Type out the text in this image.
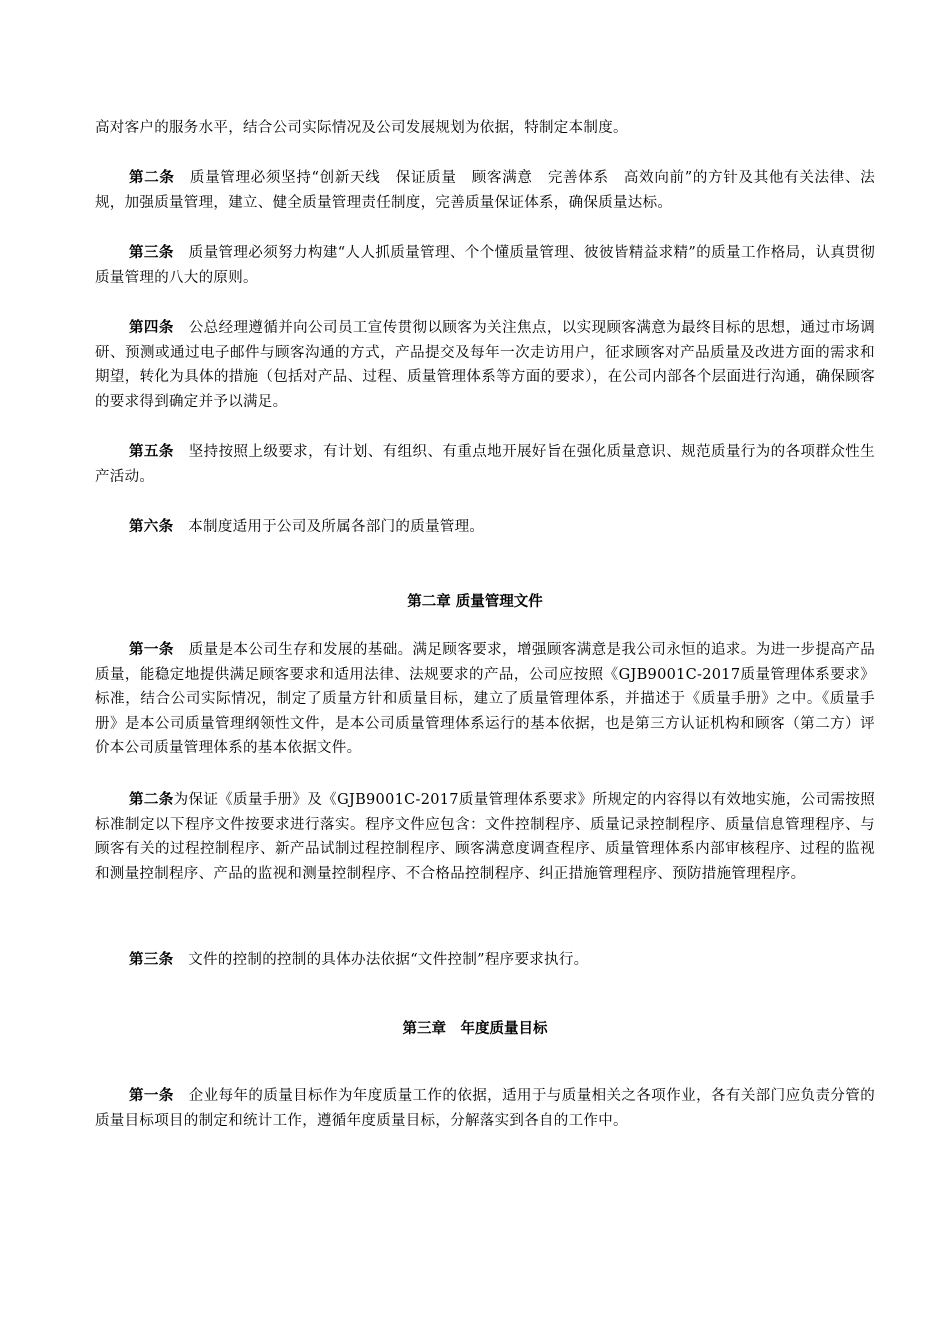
高对客户的服务水平，结合公司实际情况及公司发展规划为依据，特制定本制度。
第二条　 质量管理必须坚持“创新天线　保证质量　顾客满意　完善体系　高效向前”的方针及其他有关法律、法规，加强质量管理，建立、健全质量管理责任制度，完善质量保证体系，确保质量达标。
第三条　 质量管理必须努力构建“人人抓质量管理、个个懂质量管理、彼彼皆精益求精”的质量工作格局，认真贯彻质量管理的八大的原则。
第四条　 公总经理遵循并向公司员工宣传贯彻以顾客为关注焦点，以实现顾客满意为最终目标的思想，通过市场调研、预测或通过电子邮件与顾客沟通的方式，产品提交及每年一次走访用户，征求顾客对产品质量及改进方面的需求和期望，转化为具体的措施（包括对产品、过程、质量管理体系等方面的要求），在公司内部各个层面进行沟通，确保顾客的要求得到确定并予以满足。
第五条　 坚持按照上级要求，有计划、有组织、有重点地开展好旨在强化质量意识、规范质量行为的各项群众性生产活动。
第六条　 本制度适用于公司及所属各部门的质量管理。
第二章 质量管理文件
第一条　 质量是本公司生存和发展的基础。满足顾客要求，增强顾客满意是我公司永恒的追求。为进一步提高产品质量，能稳定地提供满足顾客要求和适用法律、法规要求的产品，公司应按照《GJB9001C-2017质量管理体系要求》标准，结合公司实际情况，制定了质量方针和质量目标，建立了质量管理体系，并描述于《质量手册》之中。《质量手册》是本公司质量管理纲领性文件，是本公司质量管理体系运行的基本依据，也是第三方认证机构和顾客（第二方）评价本公司质量管理体系的基本依据文件。
第二条为保证《质量手册》及《GJB9001C-2017质量管理体系要求》所规定的内容得以有效地实施，公司需按照标准制定以下程序文件按要求进行落实。程序文件应包含：文件控制程序、质量记录控制程序、质量信息管理程序、与顾客有关的过程控制程序、新产品试制过程控制程序、顾客满意度调查程序、质量管理体系内部审核程序、过程的监视和测量控制程序、产品的监视和测量控制程序、不合格品控制程序、纠正措施管理程序、预防措施管理程序。
第三条　 文件的控制的控制的具体办法依据“文件控制”程序要求执行。
第三章　年度质量目标
第一条　 企业每年的质量目标作为年度质量工作的依据，适用于与质量相关之各项作业，各有关部门应负责分管的质量目标项目的制定和统计工作，遵循年度质量目标，分解落实到各自的工作中。
